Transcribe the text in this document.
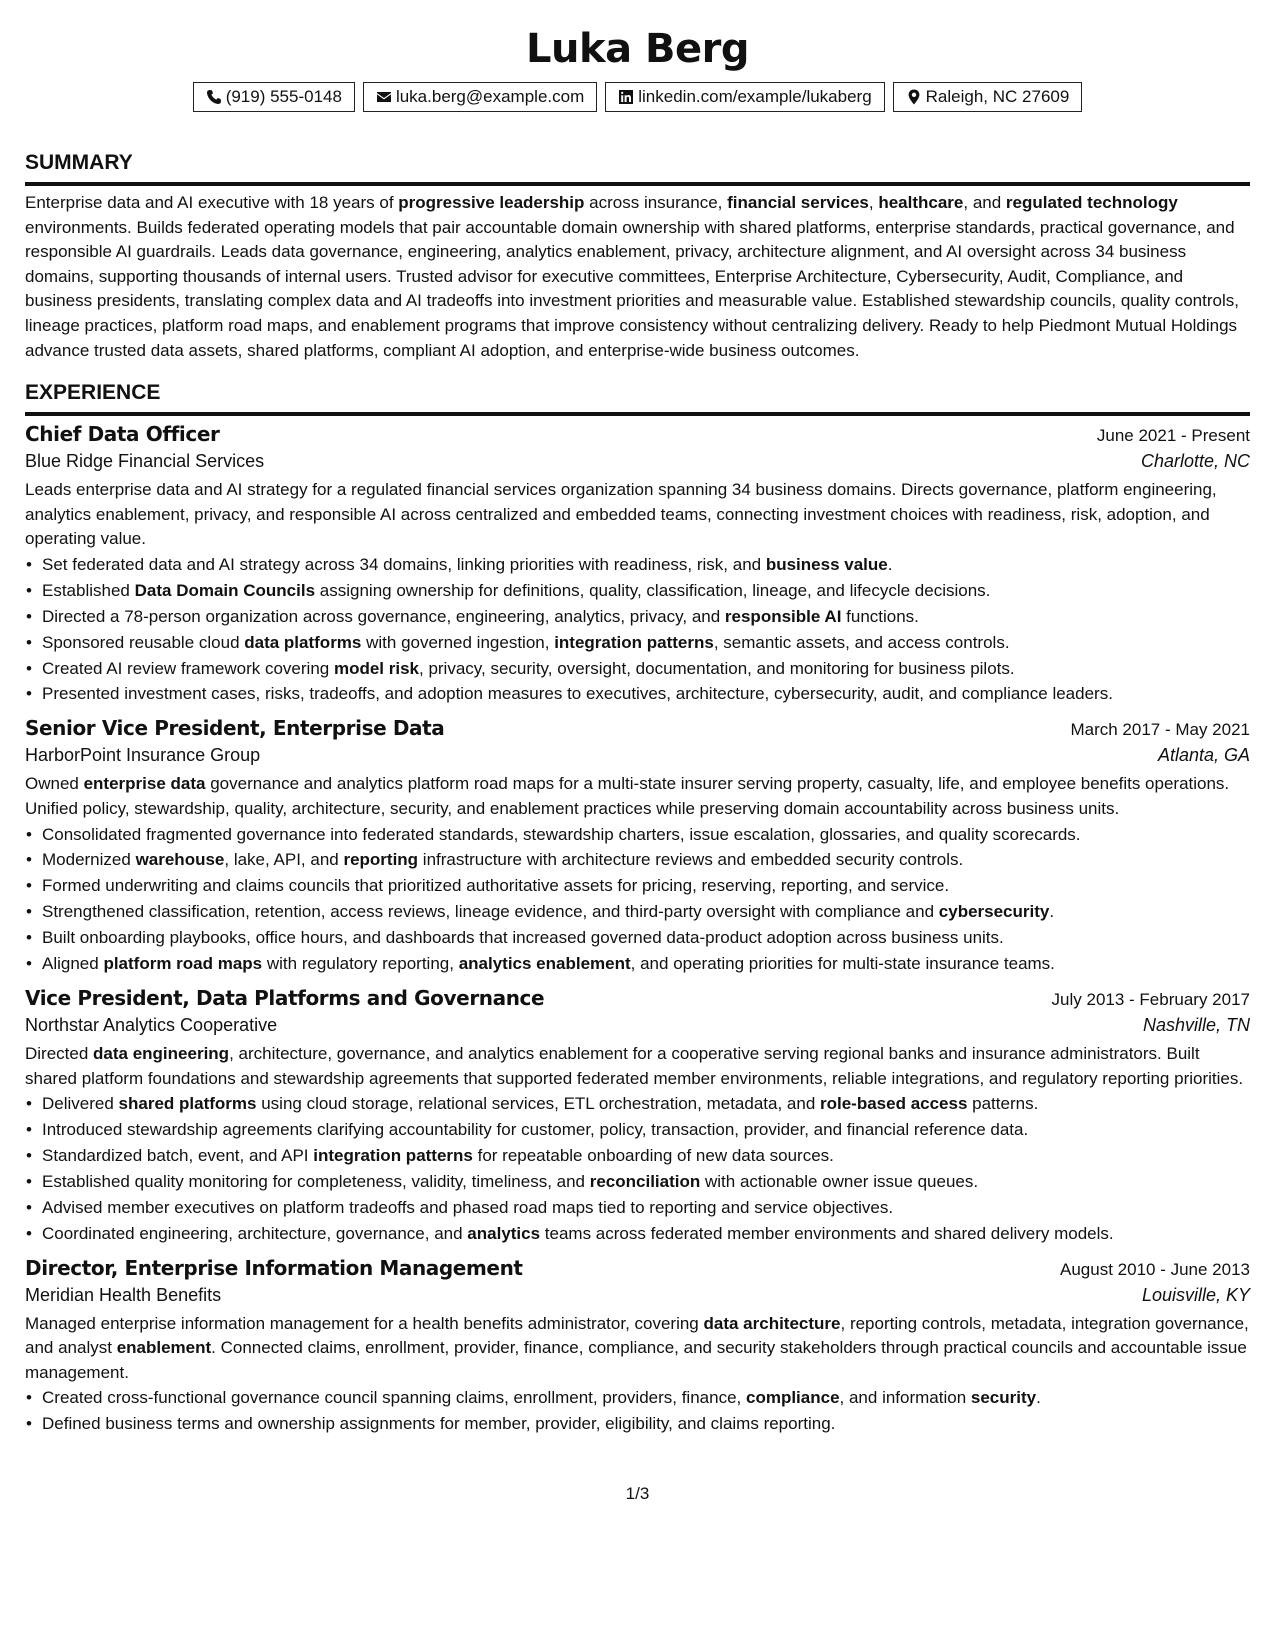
Luka Berg
(919) 555-0148	luka.berg@example.com	linkedin.com/example/lukaberg	Raleigh, NC 27609
SUMMARY
Enterprise data and AI executive with 18 years of progressive leadership across insurance, financial services, healthcare, and regulated technology environments. Builds federated operating models that pair accountable domain ownership with shared platforms, enterprise standards, practical governance, and responsible AI guardrails. Leads data governance, engineering, analytics enablement, privacy, architecture alignment, and AI oversight across 34 business domains, supporting thousands of internal users. Trusted advisor for executive committees, Enterprise Architecture, Cybersecurity, Audit, Compliance, and business presidents, translating complex data and AI tradeoffs into investment priorities and measurable value. Established stewardship councils, quality controls, lineage practices, platform road maps, and enablement programs that improve consistency without centralizing delivery. Ready to help Piedmont Mutual Holdings advance trusted data assets, shared platforms, compliant AI adoption, and enterprise-wide business outcomes.
EXPERIENCE
Chief Data Officer	June 2021 - Present
Blue Ridge Financial Services	Charlotte, NC
Leads enterprise data and AI strategy for a regulated financial services organization spanning 34 business domains. Directs governance, platform engineering, analytics enablement, privacy, and responsible AI across centralized and embedded teams, connecting investment choices with readiness, risk, adoption, and operating value.
• Set federated data and AI strategy across 34 domains, linking priorities with readiness, risk, and business value.
• Established Data Domain Councils assigning ownership for definitions, quality, classification, lineage, and lifecycle decisions.
• Directed a 78-person organization across governance, engineering, analytics, privacy, and responsible AI functions.
• Sponsored reusable cloud data platforms with governed ingestion, integration patterns, semantic assets, and access controls.
• Created AI review framework covering model risk, privacy, security, oversight, documentation, and monitoring for business pilots.
• Presented investment cases, risks, tradeoffs, and adoption measures to executives, architecture, cybersecurity, audit, and compliance leaders.
Senior Vice President, Enterprise Data	March 2017 - May 2021
HarborPoint Insurance Group	Atlanta, GA
Owned enterprise data governance and analytics platform road maps for a multi-state insurer serving property, casualty, life, and employee benefits operations. Unified policy, stewardship, quality, architecture, security, and enablement practices while preserving domain accountability across business units.
• Consolidated fragmented governance into federated standards, stewardship charters, issue escalation, glossaries, and quality scorecards.
• Modernized warehouse, lake, API, and reporting infrastructure with architecture reviews and embedded security controls.
• Formed underwriting and claims councils that prioritized authoritative assets for pricing, reserving, reporting, and service.
• Strengthened classification, retention, access reviews, lineage evidence, and third-party oversight with compliance and cybersecurity.
• Built onboarding playbooks, office hours, and dashboards that increased governed data-product adoption across business units.
• Aligned platform road maps with regulatory reporting, analytics enablement, and operating priorities for multi-state insurance teams.
Vice President, Data Platforms and Governance	July 2013 - February 2017
Northstar Analytics Cooperative	Nashville, TN
Directed data engineering, architecture, governance, and analytics enablement for a cooperative serving regional banks and insurance administrators. Built shared platform foundations and stewardship agreements that supported federated member environments, reliable integrations, and regulatory reporting priorities.
• Delivered shared platforms using cloud storage, relational services, ETL orchestration, metadata, and role-based access patterns.
• Introduced stewardship agreements clarifying accountability for customer, policy, transaction, provider, and financial reference data.
• Standardized batch, event, and API integration patterns for repeatable onboarding of new data sources.
• Established quality monitoring for completeness, validity, timeliness, and reconciliation with actionable owner issue queues.
• Advised member executives on platform tradeoffs and phased road maps tied to reporting and service objectives.
• Coordinated engineering, architecture, governance, and analytics teams across federated member environments and shared delivery models.
Director, Enterprise Information Management	August 2010 - June 2013
Meridian Health Benefits	Louisville, KY
Managed enterprise information management for a health benefits administrator, covering data architecture, reporting controls, metadata, integration governance, and analyst enablement. Connected claims, enrollment, provider, finance, compliance, and security stakeholders through practical councils and accountable issue management.
• Created cross-functional governance council spanning claims, enrollment, providers, finance, compliance, and information security.
• Defined business terms and ownership assignments for member, provider, eligibility, and claims reporting.
1/3
